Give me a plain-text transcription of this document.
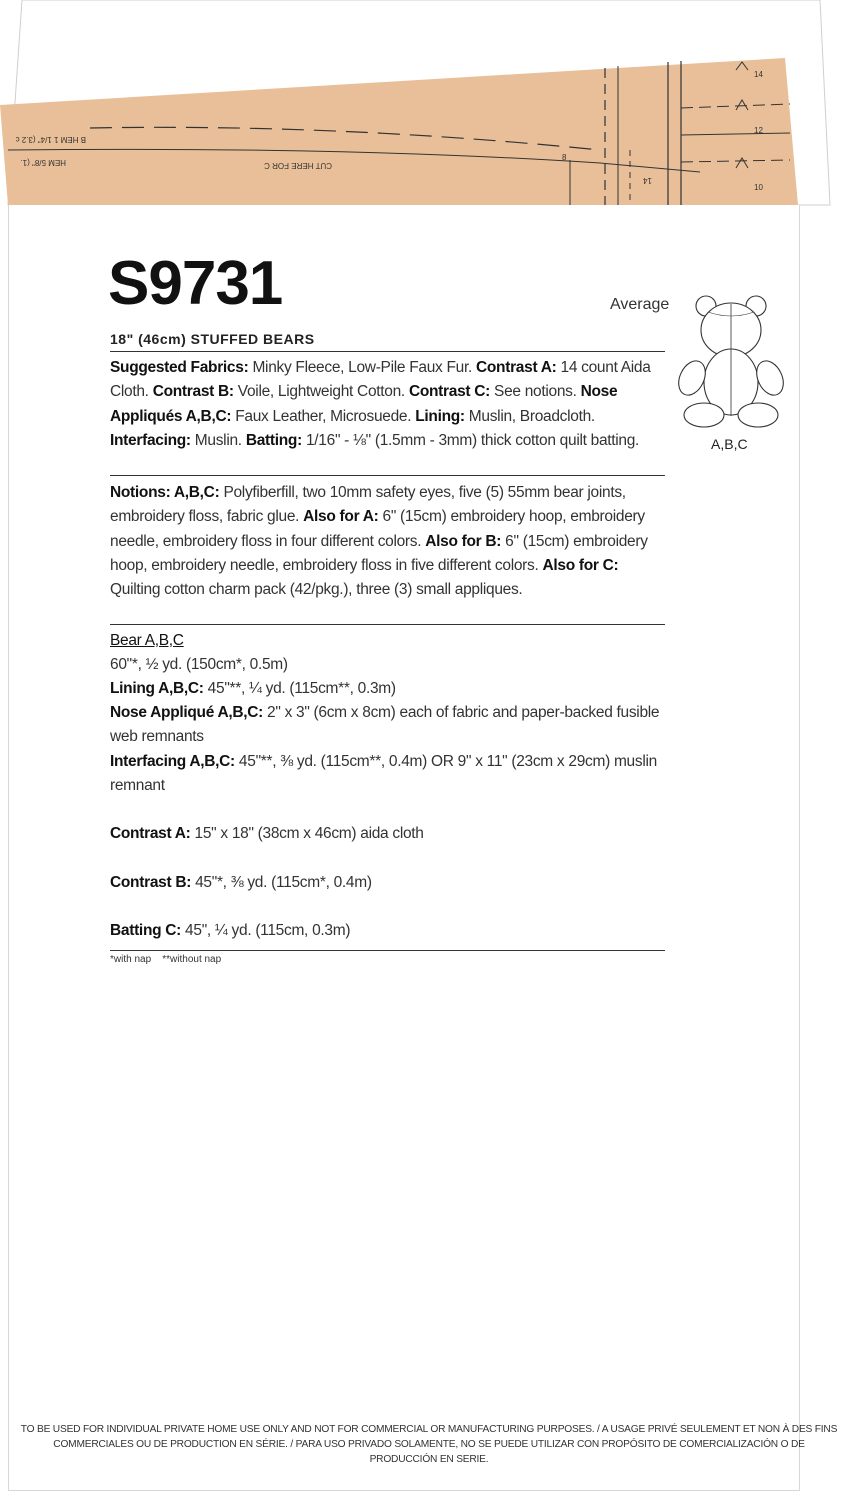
B HEM 1 1/4" (3.2 c
HEM 5/8" (1.	CUT HERE FOR C
8
14
14
12
10
S9731	Average
18" (46cm) STUFFED BEARS
A,B,C
Suggested Fabrics: Minky Fleece, Low-Pile Faux Fur. Contrast A: 14 count Aida Cloth. Contrast B: Voile, Lightweight Cotton. Contrast C: See notions. Nose Appliqués A,B,C: Faux Leather, Microsuede. Lining: Muslin, Broadcloth. Interfacing: Muslin. Batting: 1/16" - ⅛" (1.5mm - 3mm) thick cotton quilt batting.
Notions: A,B,C: Polyfiberfill, two 10mm safety eyes, five (5) 55mm bear joints, embroidery floss, fabric glue. Also for A: 6" (15cm) embroidery hoop, embroidery needle, embroidery floss in four different colors. Also for B: 6" (15cm) embroidery hoop, embroidery needle, embroidery floss in five different colors. Also for C: Quilting cotton charm pack (42/pkg.), three (3) small appliques.
Bear A,B,C
60"*, ½ yd. (150cm*, 0.5m)
Lining A,B,C: 45"**, ¼ yd. (115cm**, 0.3m)
Nose Appliqué A,B,C: 2" x 3" (6cm x 8cm) each of fabric and paper-backed fusible web remnants
Interfacing A,B,C: 45"**, ⅜ yd. (115cm**, 0.4m) OR 9" x 11" (23cm x 29cm) muslin remnant
Contrast A: 15" x 18" (38cm x 46cm) aida cloth
Contrast B: 45"*, ⅜ yd. (115cm*, 0.4m)
Batting C: 45", ¼ yd. (115cm, 0.3m)
*with nap    **without nap
TO BE USED FOR INDIVIDUAL PRIVATE HOME USE ONLY AND NOT FOR COMMERCIAL OR MANUFACTURING PURPOSES. / A USAGE PRIVÉ SEULEMENT ET NON À DES FINS
COMMERCIALES OU DE PRODUCTION EN SÉRIE. / PARA USO PRIVADO SOLAMENTE, NO SE PUEDE UTILIZAR CON PROPÓSITO DE COMERCIALIZACIÓN O DE PRODUCCIÓN EN SERIE.
